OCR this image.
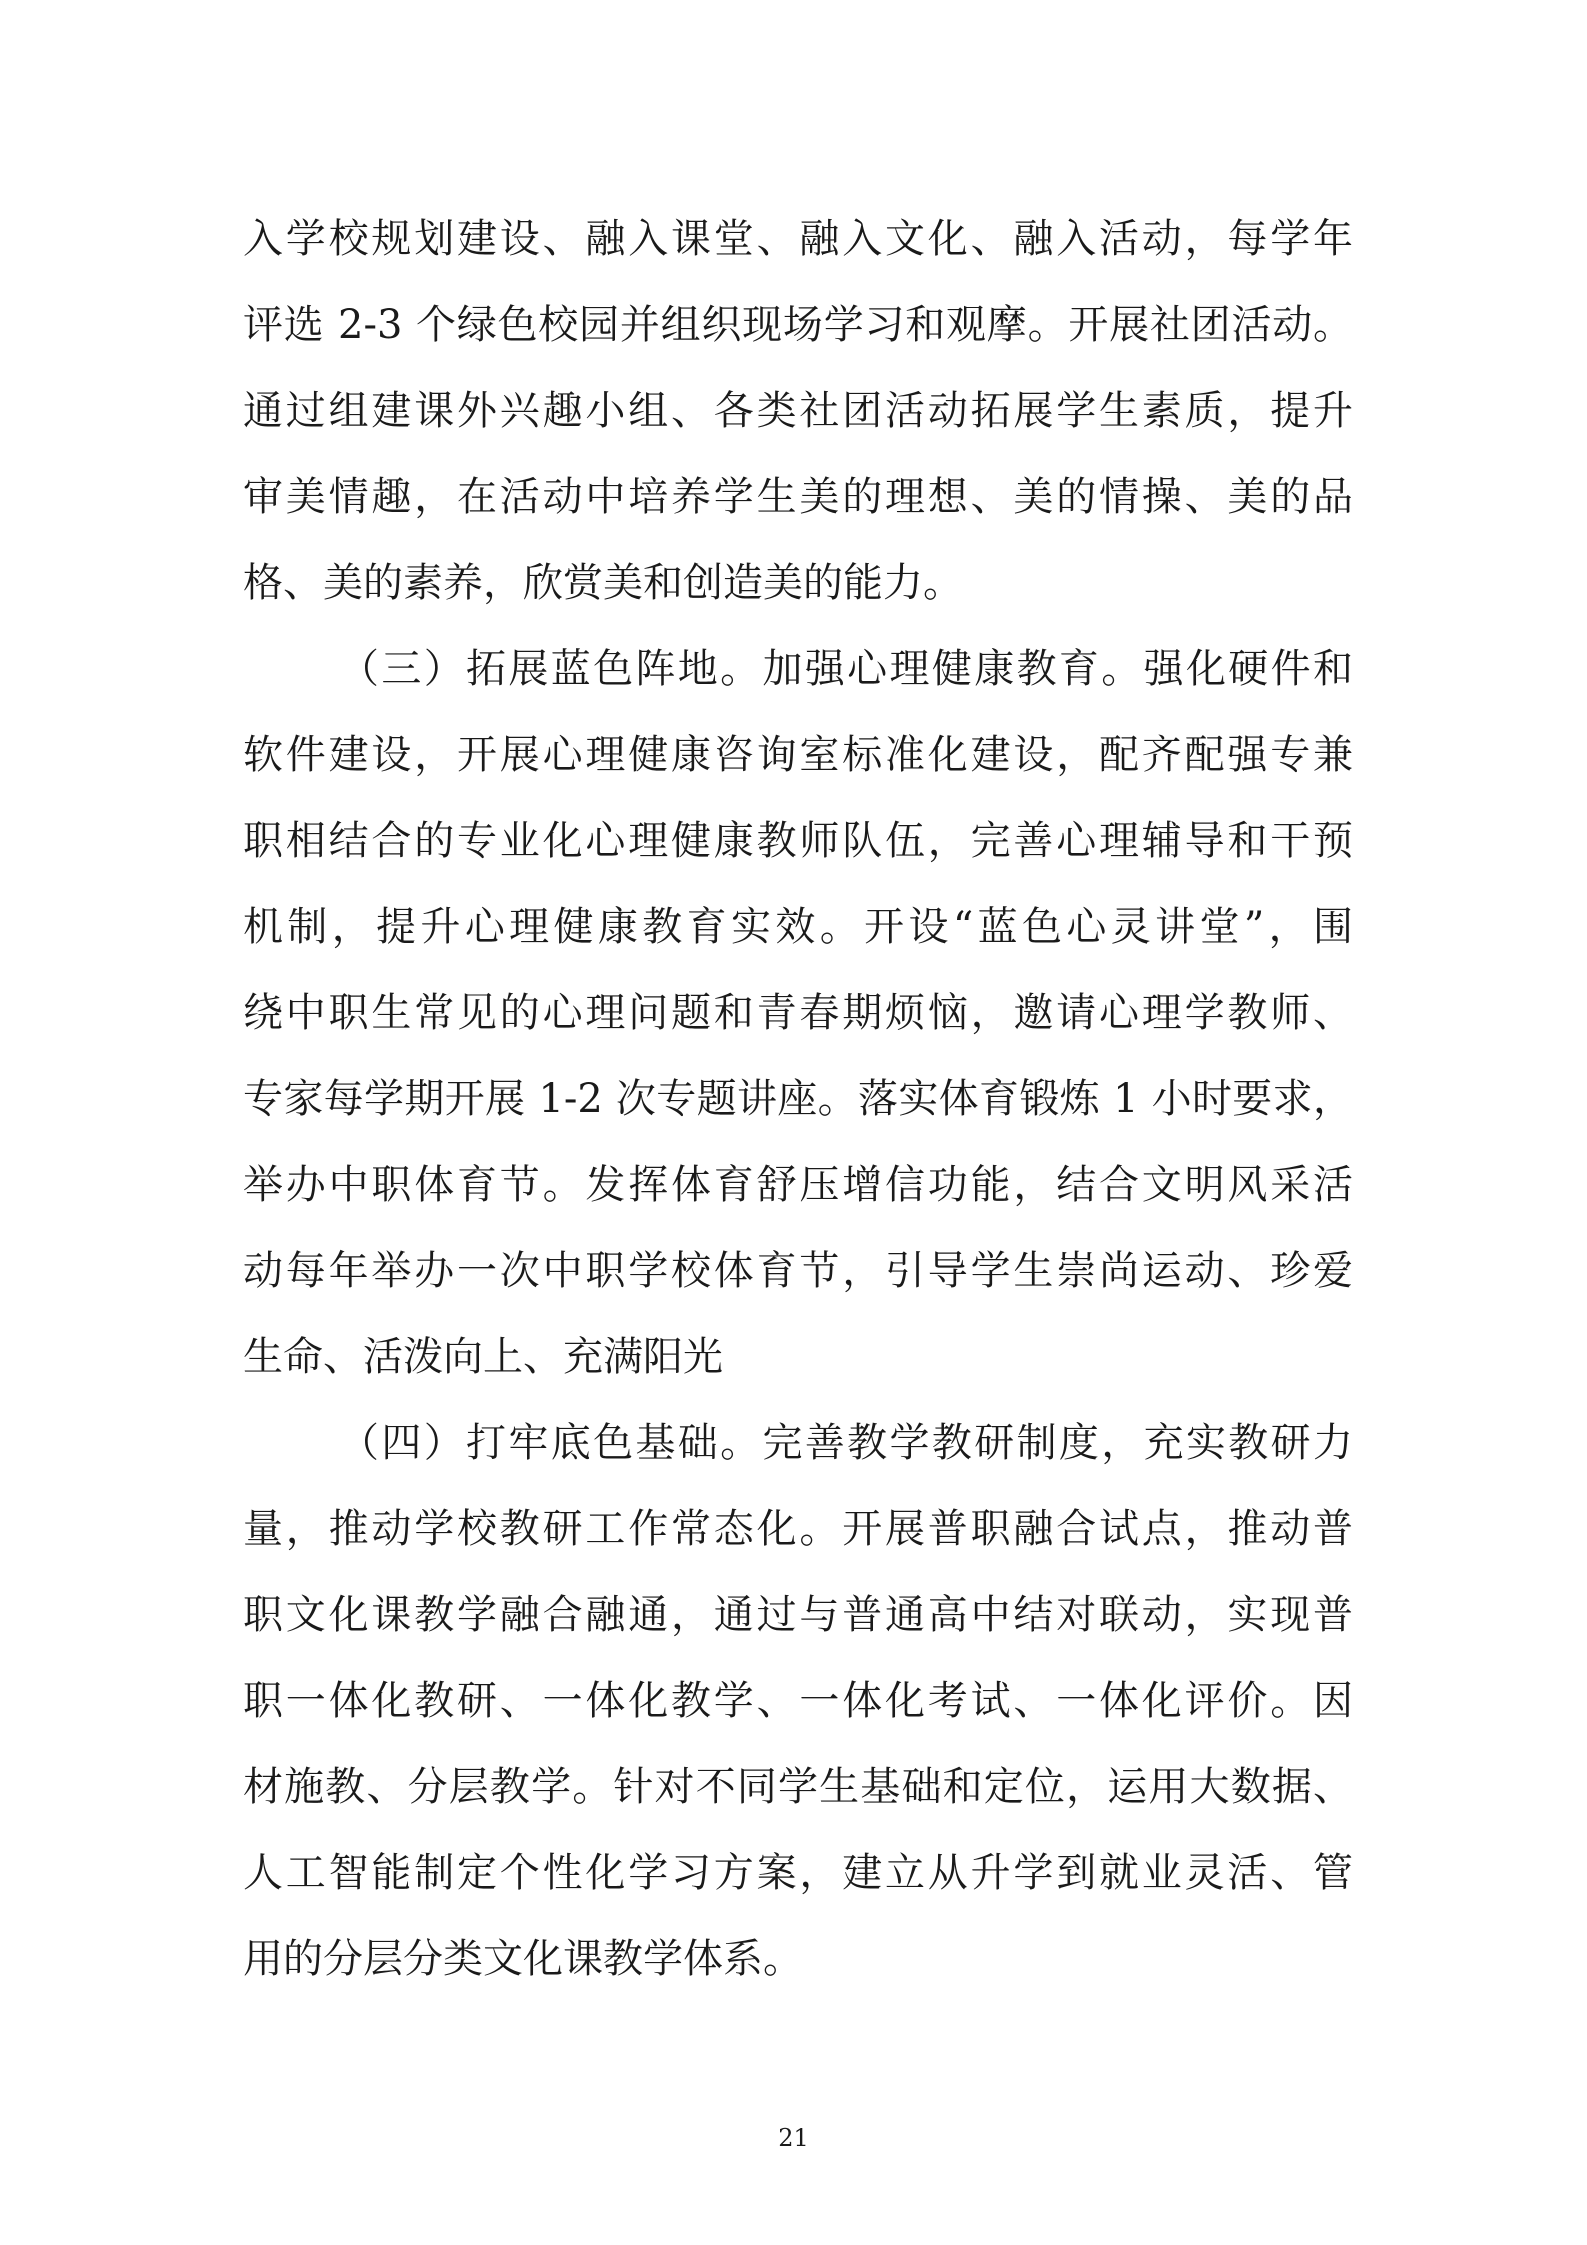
入学校规划建设、融入课堂、融入文化、融入活动，每学年
评选 2-3 个绿色校园并组织现场学习和观摩。开展社团活动。
通过组建课外兴趣小组、各类社团活动拓展学生素质，提升
审美情趣，在活动中培养学生美的理想、美的情操、美的品
格、美的素养，欣赏美和创造美的能力。
（三）拓展蓝色阵地。加强心理健康教育。强化硬件和
软件建设，开展心理健康咨询室标准化建设，配齐配强专兼
职相结合的专业化心理健康教师队伍，完善心理辅导和干预
机制，提升心理健康教育实效。开设“蓝色心灵讲堂”，围
绕中职生常见的心理问题和青春期烦恼，邀请心理学教师、
专家每学期开展 1-2 次专题讲座。落实体育锻炼 1 小时要求，
举办中职体育节。发挥体育舒压增信功能，结合文明风采活
动每年举办一次中职学校体育节，引导学生崇尚运动、珍爱
生命、活泼向上、充满阳光
（四）打牢底色基础。完善教学教研制度，充实教研力
量，推动学校教研工作常态化。开展普职融合试点，推动普
职文化课教学融合融通，通过与普通高中结对联动，实现普
职一体化教研、一体化教学、一体化考试、一体化评价。因
材施教、分层教学。针对不同学生基础和定位，运用大数据、
人工智能制定个性化学习方案，建立从升学到就业灵活、管
用的分层分类文化课教学体系。
21
